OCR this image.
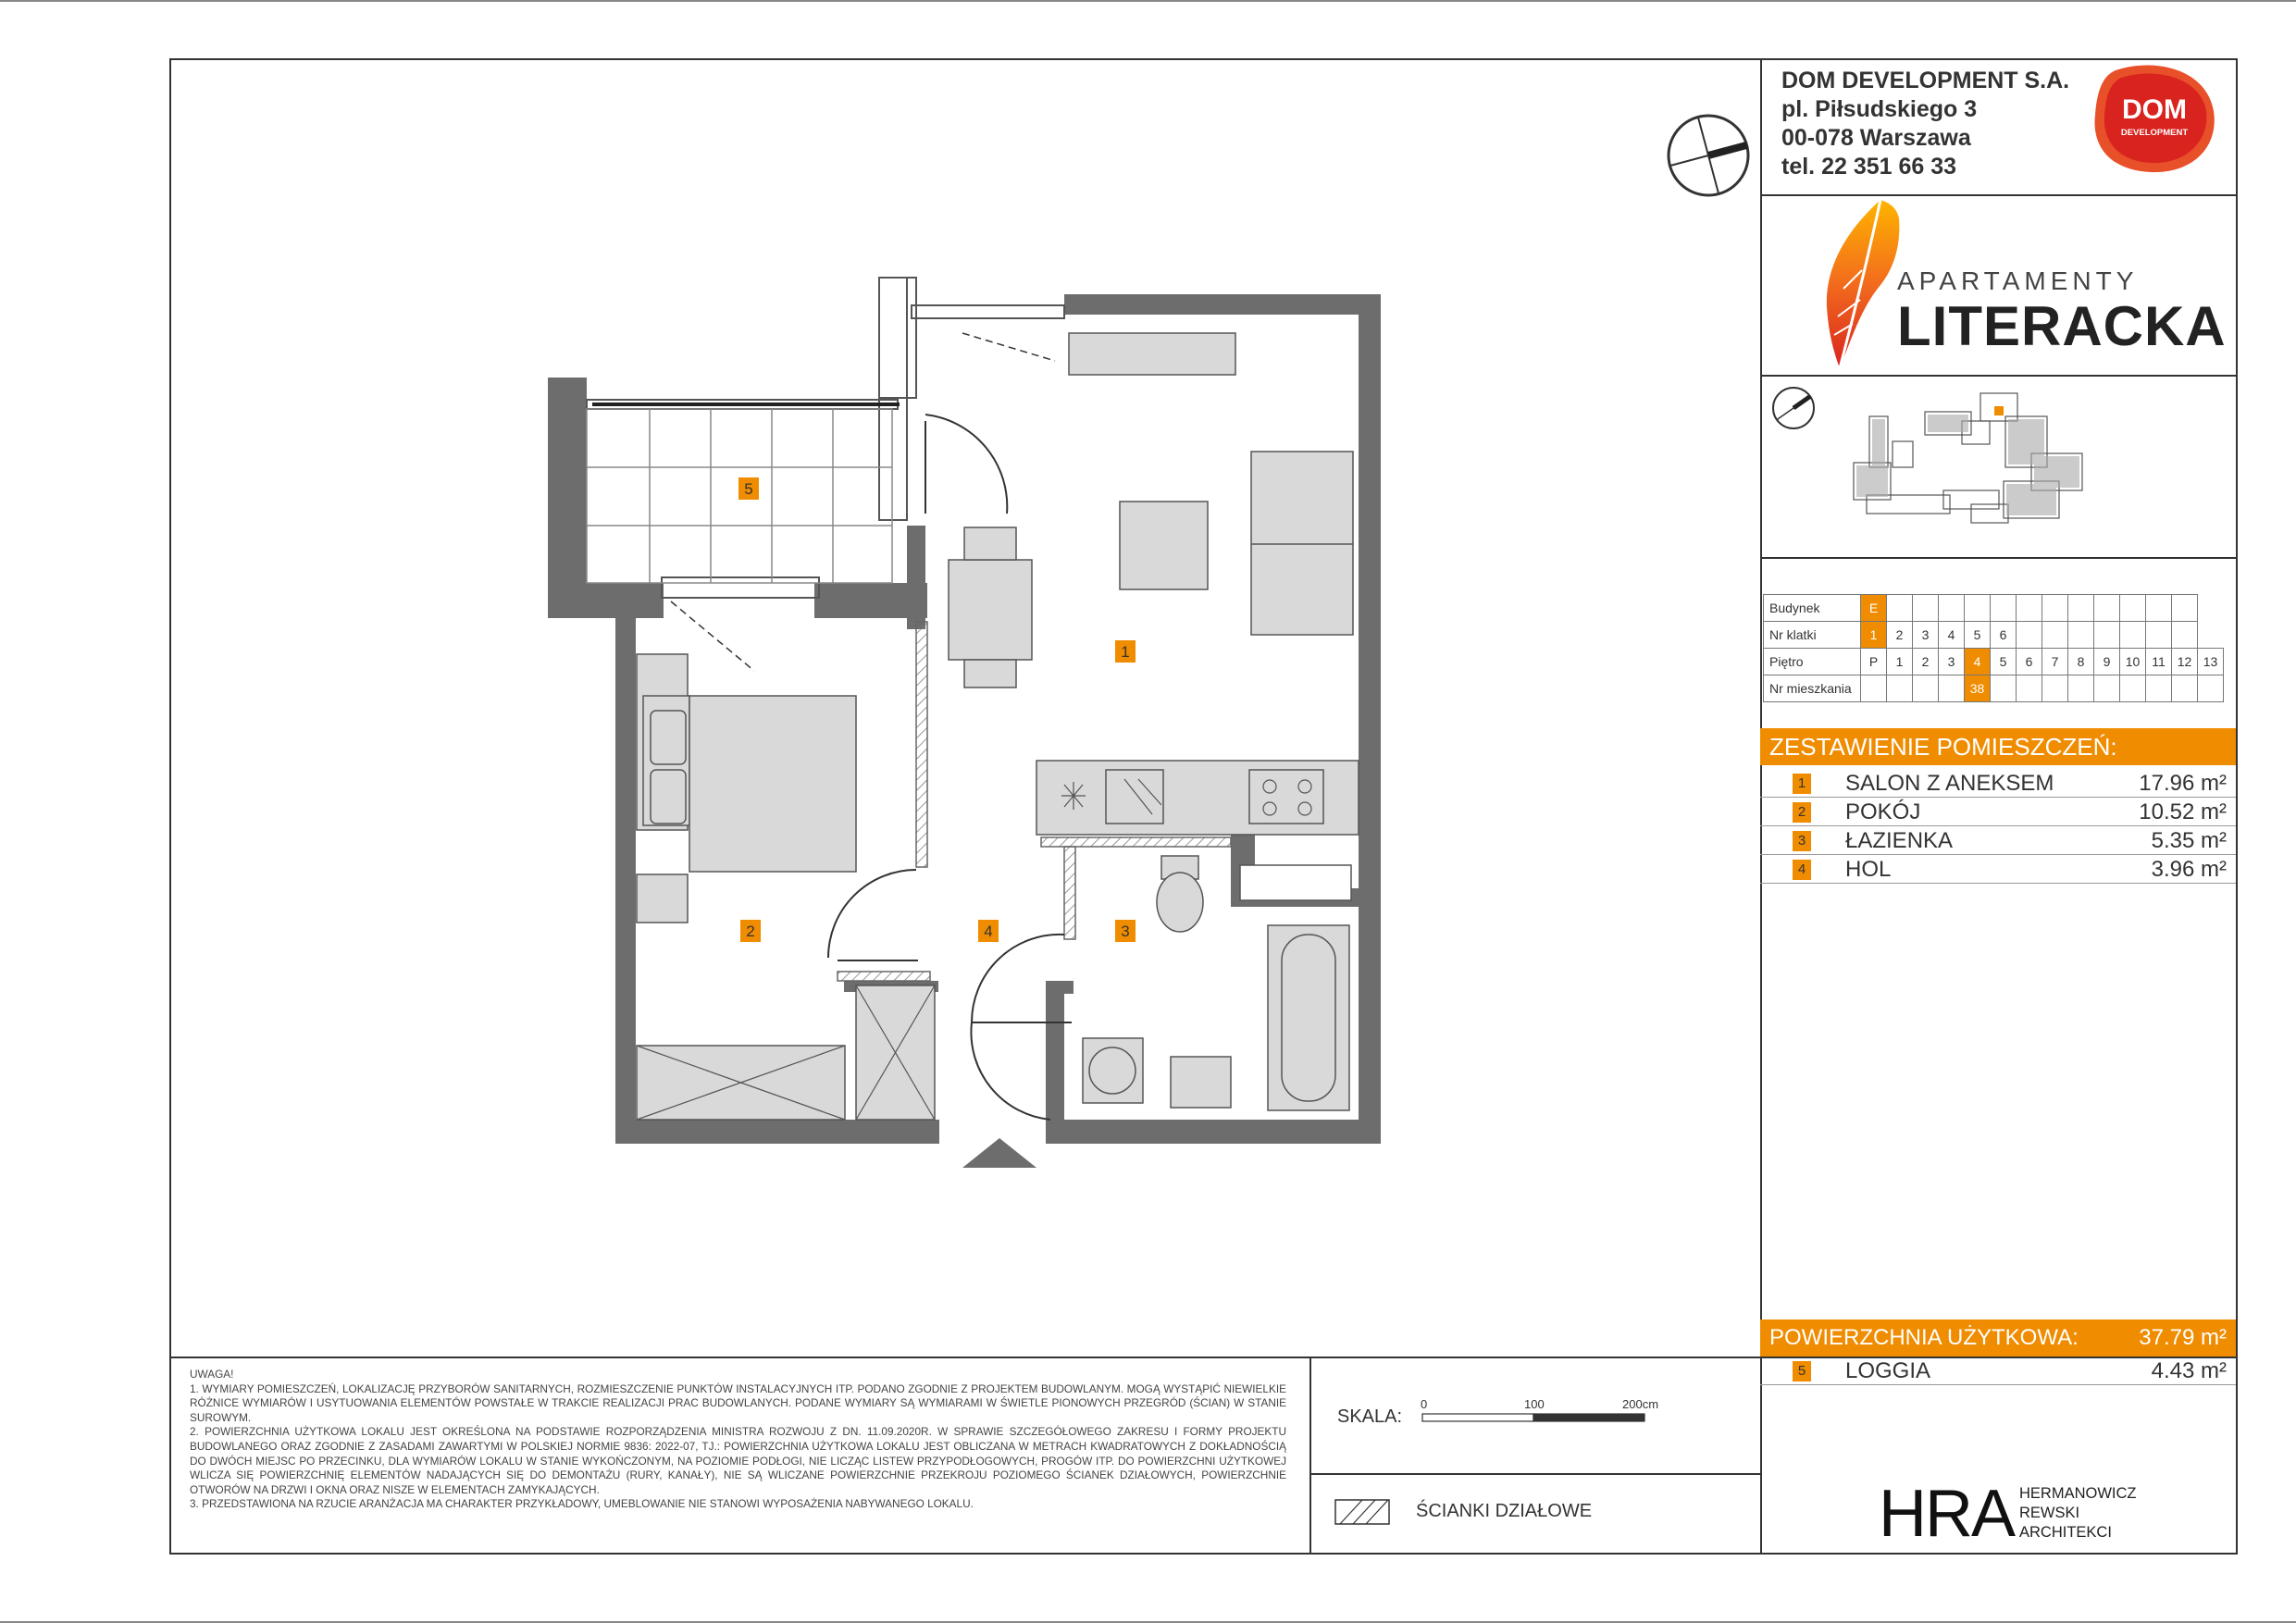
DOM DEVELOPMENT S.A.
pl. Piłsudskiego 3
00-078 Warszawa
tel. 22 351 66 33
DOM
DEVELOPMENT
APARTAMENTY
LITERACKA
Budynek	E													
Nr klatki	1	2	3	4	5	6								
Piętro	P	1	2	3	4	5	6	7	8	9	10	11	12	13
Nr mieszkania					38									
ZESTAWIENIE POMIESZCZEŃ:
1 SALON Z ANEKSEM	17.96 m²
2 POKÓJ	10.52 m²
3 ŁAZIENKA	5.35 m²
4 HOL	3.96 m²
POWIERZCHNIA UŻYTKOWA:	37.79 m²
5 LOGGIA	4.43 m²
UWAGA!
1. WYMIARY POMIESZCZEŃ, LOKALIZACJĘ PRZYBORÓW SANITARNYCH, ROZMIESZCZENIE PUNKTÓW INSTALACYJNYCH ITP. PODANO ZGODNIE Z PROJEKTEM BUDOWLANYM. MOGĄ WYSTĄPIĆ NIEWIELKIE RÓŻNICE WYMIARÓW I USYTUOWANIA ELEMENTÓW POWSTAŁE W TRAKCIE REALIZACJI PRAC BUDOWLANYCH. PODANE WYMIARY SĄ WYMIARAMI W ŚWIETLE PIONOWYCH PRZEGRÓD (ŚCIAN) W STANIE SUROWYM.
2. POWIERZCHNIA UŻYTKOWA LOKALU JEST OKREŚLONA NA PODSTAWIE ROZPORZĄDZENIA MINISTRA ROZWOJU Z DN. 11.09.2020R. W SPRAWIE SZCZEGÓŁOWEGO ZAKRESU I FORMY PROJEKTU BUDOWLANEGO ORAZ ZGODNIE Z ZASADAMI ZAWARTYMI W POLSKIEJ NORMIE 9836: 2022-07, TJ.: POWIERZCHNIA UŻYTKOWA LOKALU JEST OBLICZANA W METRACH KWADRATOWYCH Z DOKŁADNOŚCIĄ DO DWÓCH MIEJSC PO PRZECINKU, DLA WYMIARÓW LOKALU W STANIE WYKOŃCZONYM, NA POZIOMIE PODŁOGI, NIE LICZĄC LISTEW PRZYPODŁOGOWYCH, PROGÓW ITP. DO POWIERZCHNI UŻYTKOWEJ WLICZA SIĘ POWIERZCHNIĘ ELEMENTÓW NADAJĄCYCH SIĘ DO DEMONTAŻU (RURY, KANAŁY), NIE SĄ WLICZANE POWIERZCHNIE PRZEKROJU POZIOMEGO ŚCIANEK DZIAŁOWYCH, POWIERZCHNIE OTWORÓW NA DRZWI I OKNA ORAZ NISZE W ELEMENTACH ZAMYKAJĄCYCH.
3. PRZEDSTAWIONA NA RZUCIE ARANŻACJA MA CHARAKTER PRZYKŁADOWY, UMEBLOWANIE NIE STANOWI WYPOSAŻENIA NABYWANEGO LOKALU.
SKALA:
0	100	200cm
ŚCIANKI DZIAŁOWE	HRA HERMANOWICZ
REWSKI
ARCHITEKCI
1
2	3
4
5
